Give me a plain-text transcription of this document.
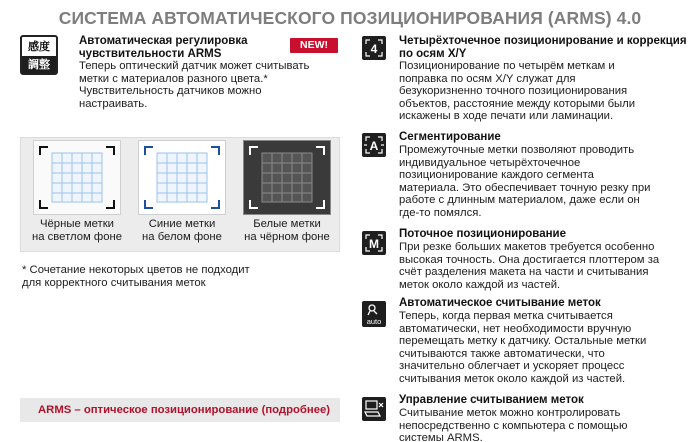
СИСТЕМА АВТОМАТИЧЕСКОГО ПОЗИЦИОНИРОВАНИЯ (ARMS) 4.0
感度
調整
Автоматическая регулировка чувствительности ARMS
NEW!
Теперь оптический датчик может считывать метки с материалов разного цвета.* Чувствительность датчиков можно настраивать.
Чёрные метки
на светлом фоне
Синие метки
на белом фоне
Белые метки
на чёрном фоне
* Сочетание некоторых цветов не подходит
для корректного считывания меток
ARMS – оптическое позиционирование (подробнее)
4
Четырёхточечное позиционирование и коррекция по осям X/Y
Позиционирование по четырём меткам и
поправка по осям X/Y служат для
безукоризненно точного позиционирования
объектов, расстояние между которыми были
искажены в ходе печати или ламинации.
A
Сегментирование
Промежуточные метки позволяют проводить
индивидуальное четырёхточечное
позиционирование каждого сегмента
материала. Это обеспечивает точную резку при
работе с длинным материалом, даже если он
где-то помялся.
M
Поточное позиционирование
При резке больших макетов требуется особенно
высокая точность. Она достигается плоттером за
счёт разделения макета на части и считывания
меток около каждой из частей.
auto
Автоматическое считывание меток
Теперь, когда первая метка считывается
автоматически, нет необходимости вручную
перемещать метку к датчику. Остальные метки
считываются также автоматически, что
значительно облегчает и ускоряет процесс
считывания меток около каждой из частей.
Управление считыванием меток
Считывание меток можно контролировать
непосредственно с компьютера с помощью
системы ARMS.
